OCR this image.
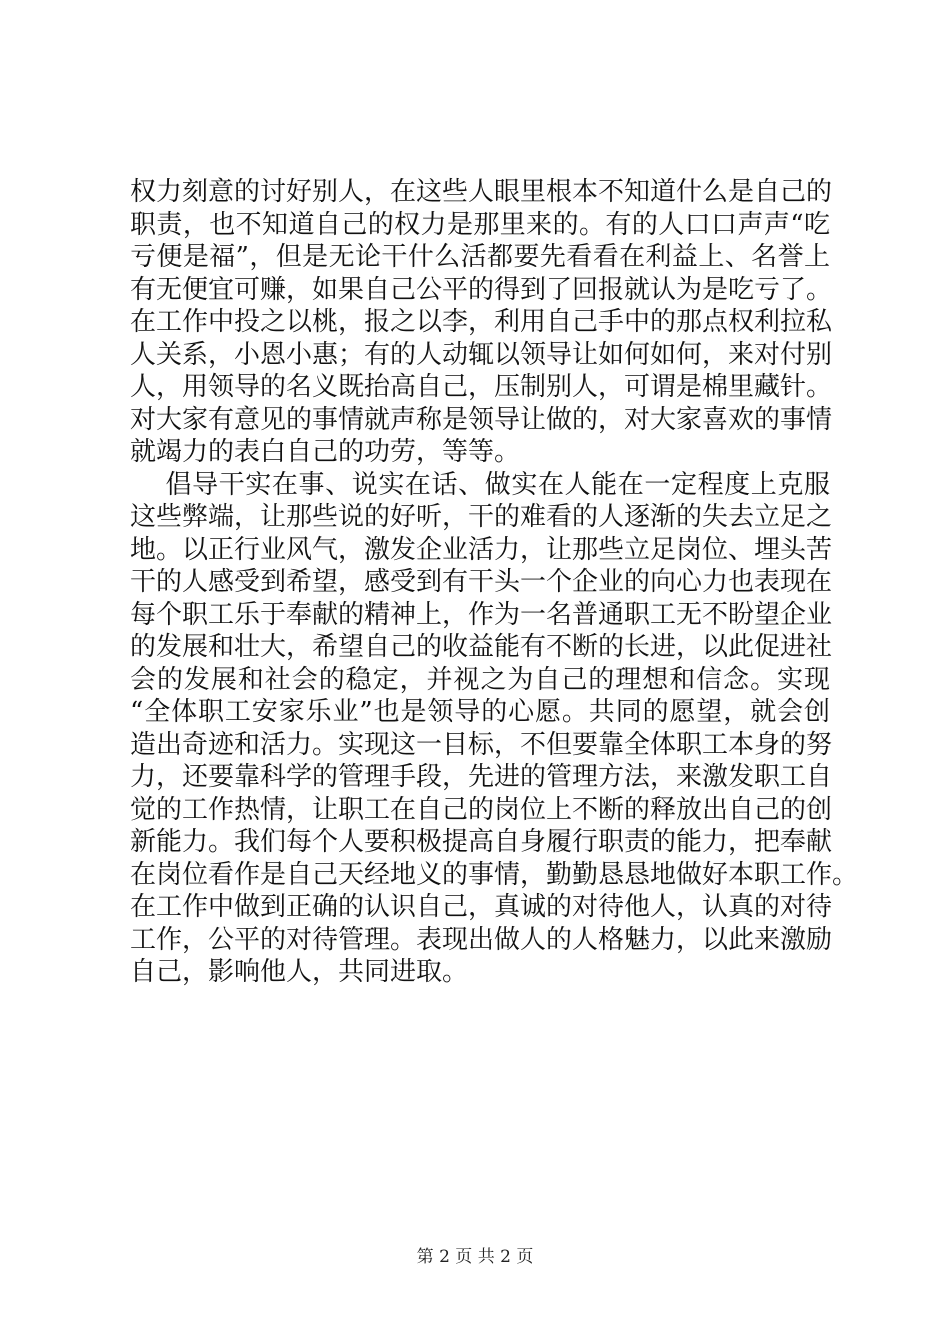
权力刻意的讨好别人，在这些人眼里根本不知道什么是自己的
职责，也不知道自己的权力是那里来的。有的人口口声声“吃
亏便是福”，但是无论干什么活都要先看看在利益上、名誉上
有无便宜可赚，如果自己公平的得到了回报就认为是吃亏了。
在工作中投之以桃，报之以李，利用自己手中的那点权利拉私
人关系，小恩小惠；有的人动辄以领导让如何如何，来对付别
人，用领导的名义既抬高自己，压制别人，可谓是棉里藏针。
对大家有意见的事情就声称是领导让做的，对大家喜欢的事情
就竭力的表白自己的功劳，等等。
倡导干实在事、说实在话、做实在人能在一定程度上克服
这些弊端，让那些说的好听，干的难看的人逐渐的失去立足之
地。以正行业风气，激发企业活力，让那些立足岗位、埋头苦
干的人感受到希望，感受到有干头一个企业的向心力也表现在
每个职工乐于奉献的精神上，作为一名普通职工无不盼望企业
的发展和壮大，希望自己的收益能有不断的长进，以此促进社
会的发展和社会的稳定，并视之为自己的理想和信念。实现
“全体职工安家乐业”也是领导的心愿。共同的愿望，就会创
造出奇迹和活力。实现这一目标，不但要靠全体职工本身的努
力，还要靠科学的管理手段，先进的管理方法，来激发职工自
觉的工作热情，让职工在自己的岗位上不断的释放出自己的创
新能力。我们每个人要积极提高自身履行职责的能力，把奉献
在岗位看作是自己天经地义的事情，勤勤恳恳地做好本职工作。
在工作中做到正确的认识自己，真诚的对待他人，认真的对待
工作，公平的对待管理。表现出做人的人格魅力，以此来激励
自己，影响他人，共同进取。
第 2 页 共 2 页
